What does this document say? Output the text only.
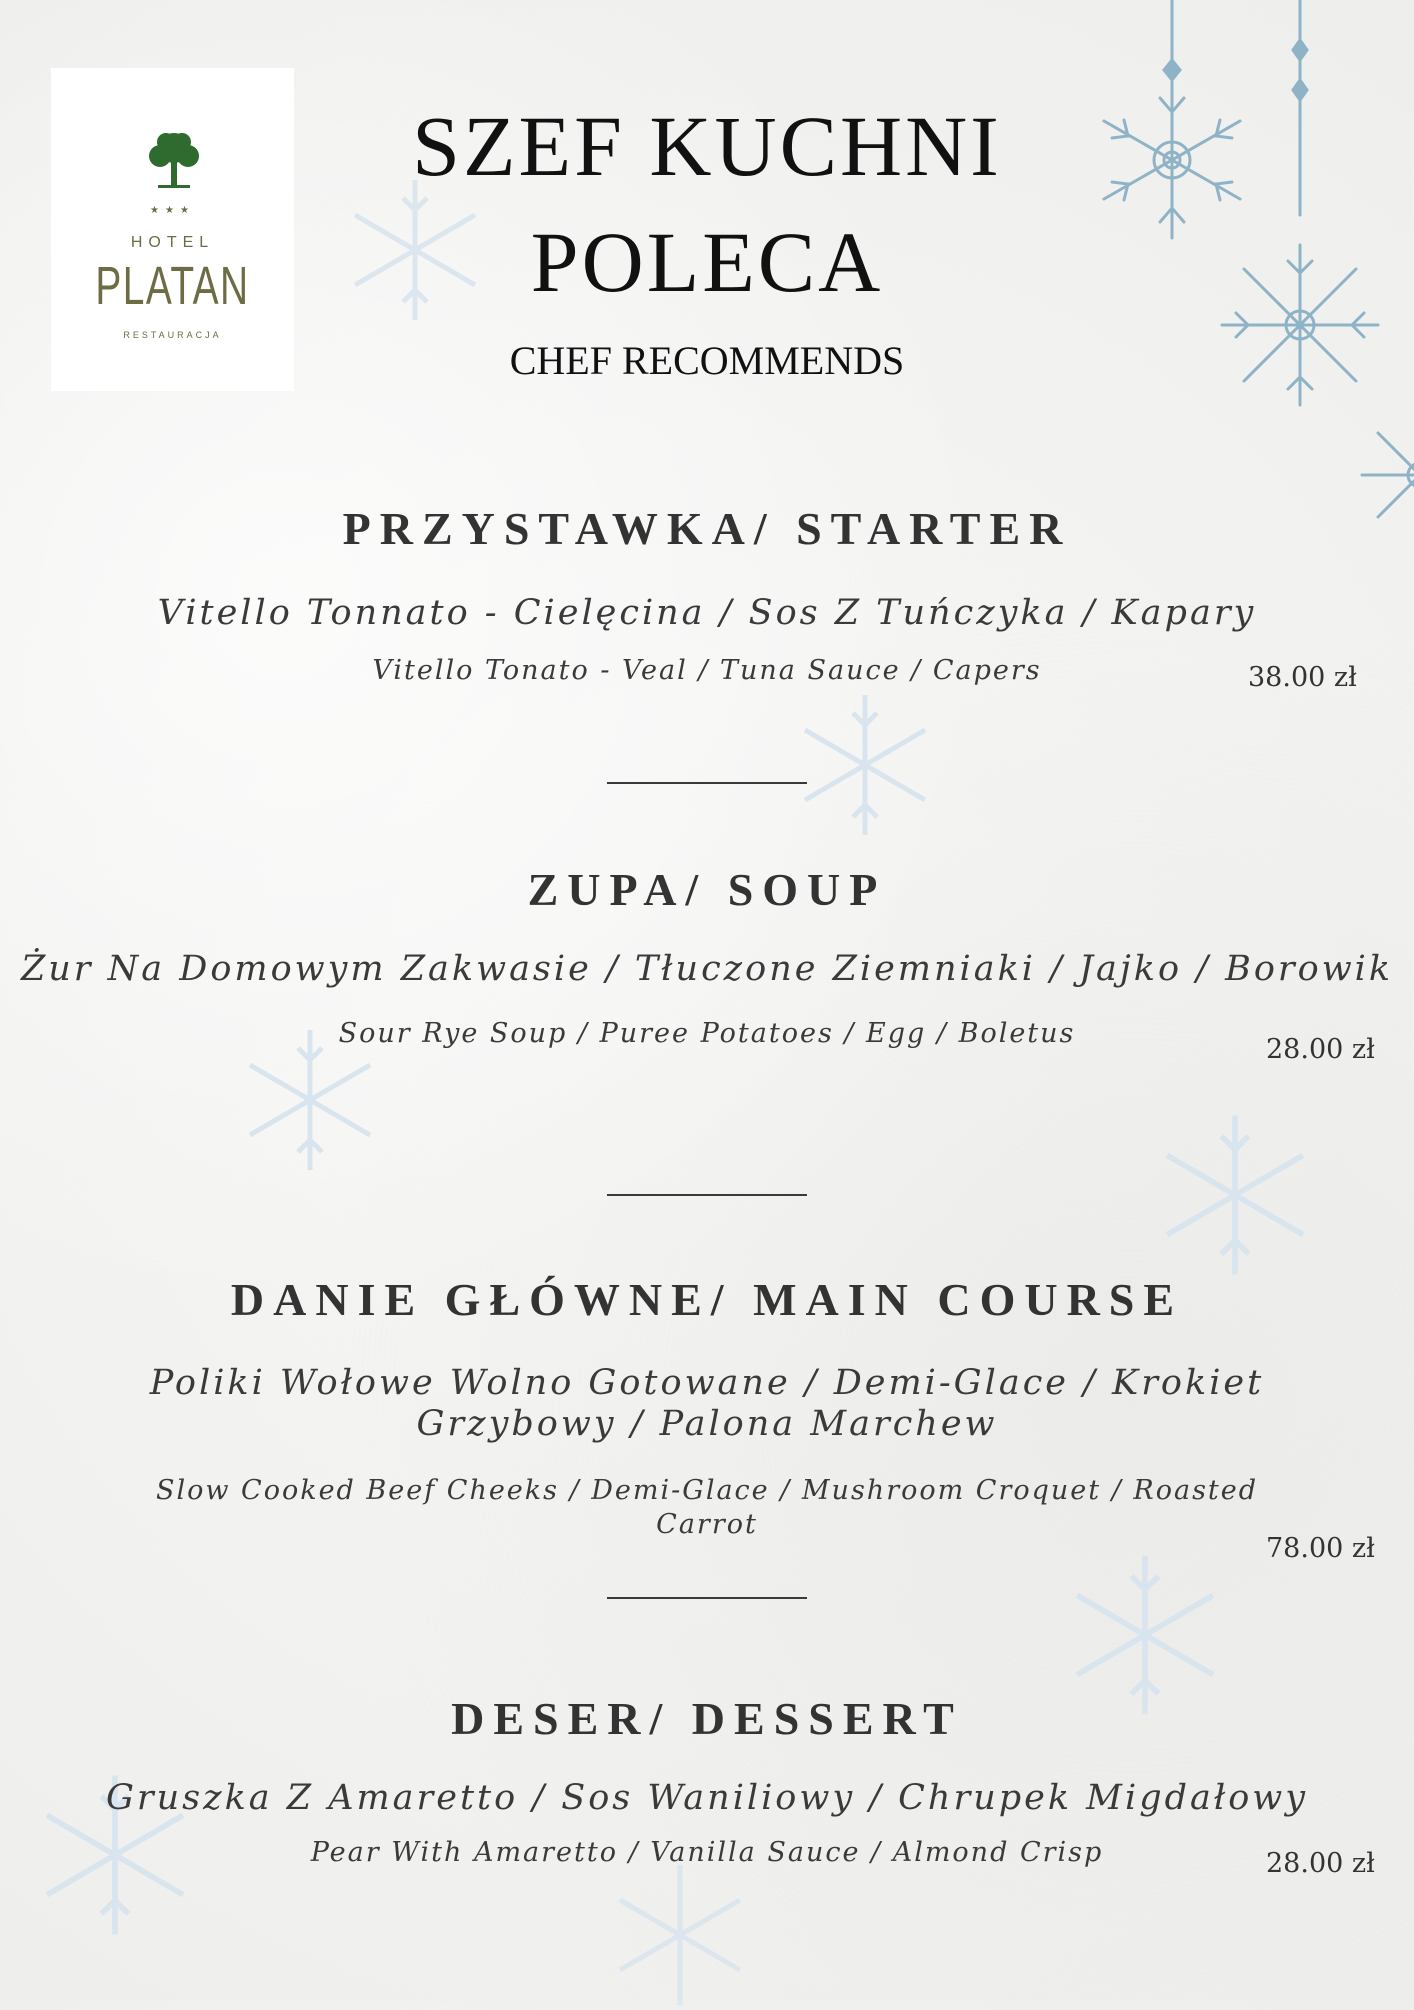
★★★
HOTEL
PLATAN
RESTAURACJA
SZEF KUCHNI
POLECA
CHEF RECOMMENDS
PRZYSTAWKA/ STARTER
Vitello Tonnato - Cielęcina / Sos Z Tuńczyka / Kapary
Vitello Tonato - Veal / Tuna Sauce / Capers	38.00 zł
ZUPA/ SOUP
Żur Na Domowym Zakwasie / Tłuczone Ziemniaki / Jajko / Borowik
Sour Rye Soup / Puree Potatoes / Egg / Boletus
28.00 zł
DANIE GŁÓWNE/ MAIN COURSE
Poliki Wołowe Wolno Gotowane / Demi-Glace / Krokiet
Grzybowy / Palona Marchew
Slow Cooked Beef Cheeks / Demi-Glace / Mushroom Croquet / Roasted
Carrot
78.00 zł
DESER/ DESSERT
Gruszka Z Amaretto / Sos Waniliowy / Chrupek Migdałowy
Pear With Amaretto / Vanilla Sauce / Almond Crisp	28.00 zł
